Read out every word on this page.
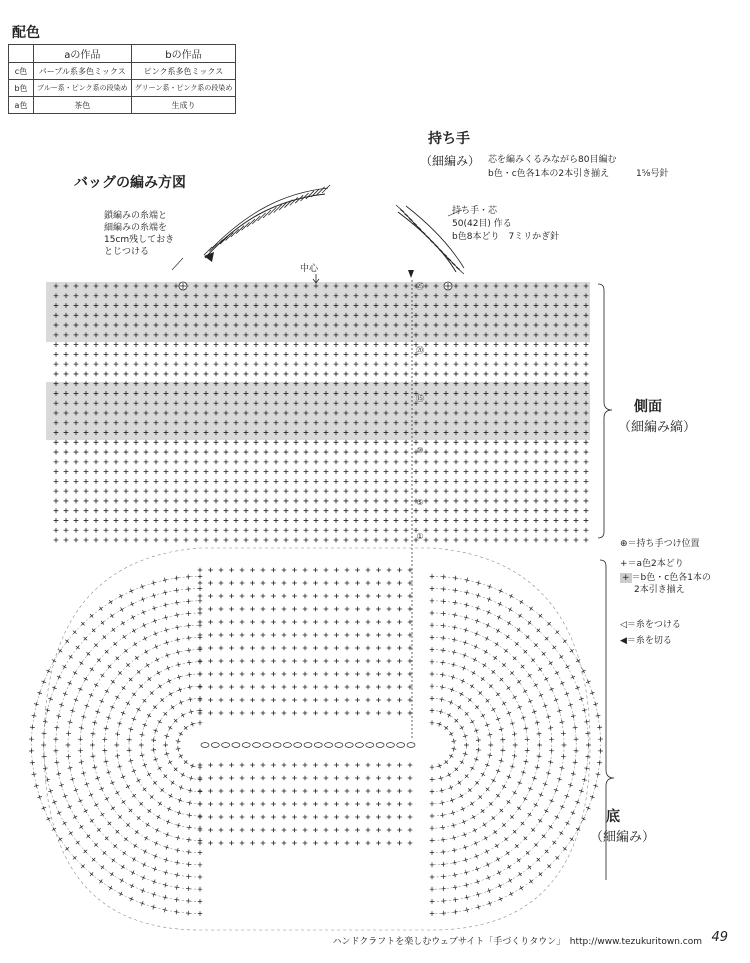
①
⑤
⑩
⑮
⑳
㉕
配色
	aの作品	bの作品
c色	パープル系多色ミックス	ピンク系多色ミックス
b色	ブルー系・ピンク系の段染め	グリーン系・ピンク系の段染め
a色	茶色	生成り
バッグの編み方図
持ち手
（細編み） 芯を編みくるみながら80目編む
b色・c色各1本の2本引き揃え	1⅝号針
持ち手・芯
50(42目) 作る
b色8本どり　7ミリかぎ針
鎖編みの糸端と
細編みの糸端を
15cm残しておき
とじつける
中心
側面
（細編み縞）
底
（細編み）
⊕＝持ち手つけ位置
+＝a色2本どり
+ ＝b色・c色各1本の
2本引き揃え
◁＝糸をつける
◀＝糸を切る
ハンドクラフトを楽しむウェブサイト「手づくりタウン」　http://www.tezukuritown.com 49
